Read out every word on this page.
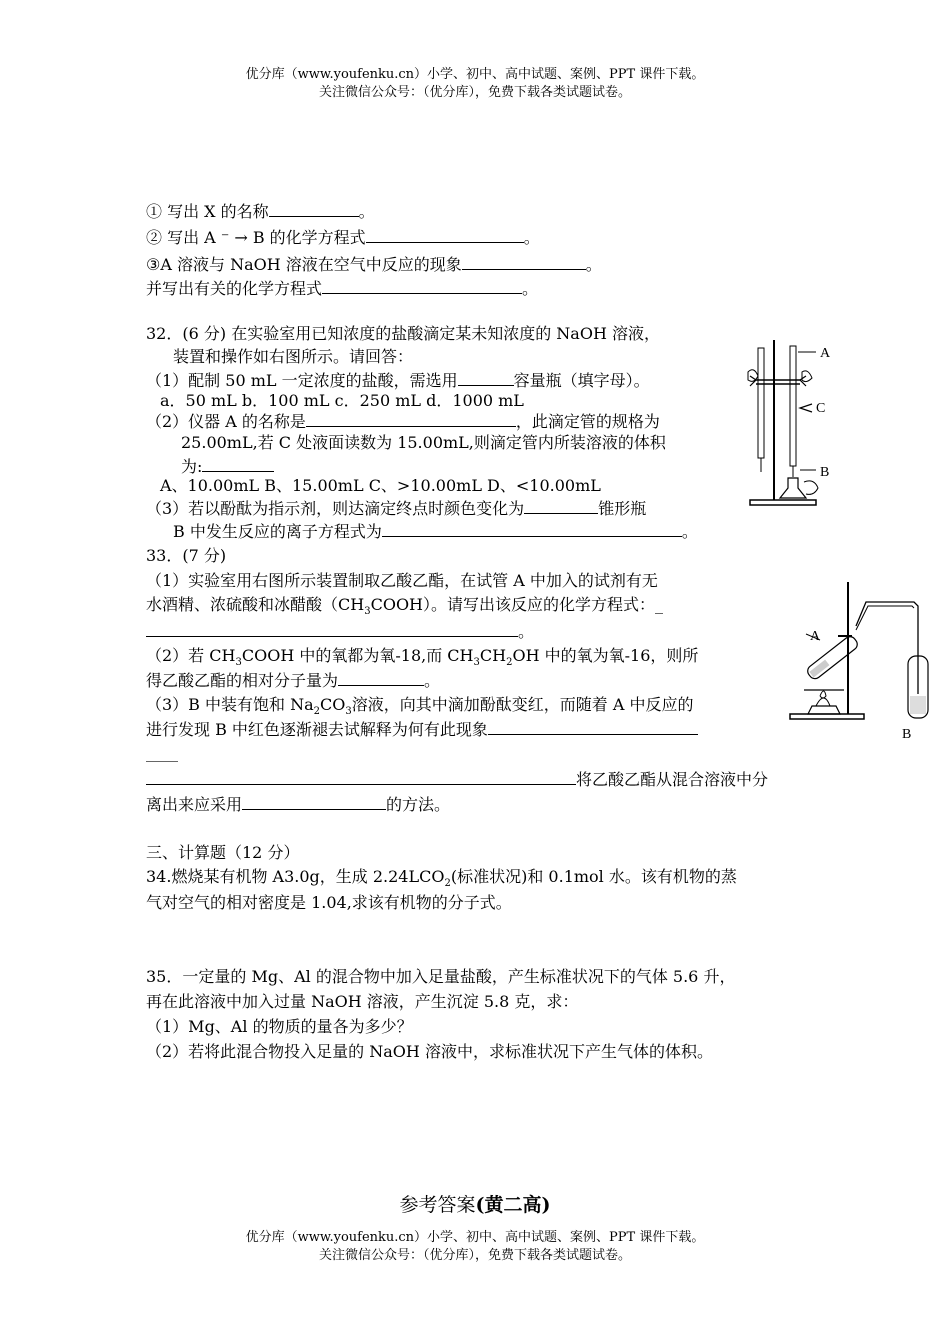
优分库（www.youfenku.cn）小学、初中、高中试题、案例、PPT 课件下载。
关注微信公众号：（优分库），免费下载各类试题试卷。
① 写出 X 的名称	。
② 写出 A ⁻ → B 的化学方程式	。
③A 溶液与 NaOH 溶液在空气中反应的现象	。
并写出有关的化学方程式	。
32．(6 分) 在实验室用已知浓度的盐酸滴定某未知浓度的 NaOH 溶液，
装置和操作如右图所示。请回答：
（1）配制 50 mL 一定浓度的盐酸，需选用	容量瓶（填字母）。
a．50 mL b．100 mL c．250 mL d．1000 mL
（2）仪器 A 的名称是	，此滴定管的规格为
25.00mL,若 C 处液面读数为 15.00mL,则滴定管内所装溶液的体积
为:
A、10.00mL B、15.00mL C、>10.00mL D、<10.00mL
（3）若以酚酞为指示剂，则达滴定终点时颜色变化为	锥形瓶
B 中发生反应的离子方程式为	。
A
C
B
33．(7 分)
（1）实验室用右图所示装置制取乙酸乙酯，在试管 A 中加入的试剂有无
水酒精、浓硫酸和冰醋酸$(CH_3COOH)$。请写出该反应的化学方程式：_
。
（2）若 $CH_3COOH$ 中的氧都为氧-18,而 $CH_3CH_2OH$ 中的氧为氧-16，则所
得乙酸乙酯的相对分子量为	。
（3）B 中装有饱和 $Na_2CO_3$溶液，向其中滴加酚酞变红，而随着 A 中反应的
进行发现 B 中红色逐渐褪去试解释为何有此现象
____
将乙酸乙酯从混合溶液中分
离出来应采用	的方法。
A
B
三、计算题（12 分）
34.燃烧某有机物 A3.0g，生成 $2.24LCO_2$(标准状况)和 0.1mol 水。该有机物的蒸
气对空气的相对密度是 1.04,求该有机物的分子式。
35．一定量的 Mg、Al 的混合物中加入足量盐酸，产生标准状况下的气体 5.6 升，
再在此溶液中加入过量 NaOH 溶液，产生沉淀 5.8 克，求：
（1）Mg、Al 的物质的量各为多少？
（2）若将此混合物投入足量的 NaOH 溶液中，求标准状况下产生气体的体积。
参考答案(黄二高)
优分库（www.youfenku.cn）小学、初中、高中试题、案例、PPT 课件下载。
关注微信公众号：（优分库），免费下载各类试题试卷。
